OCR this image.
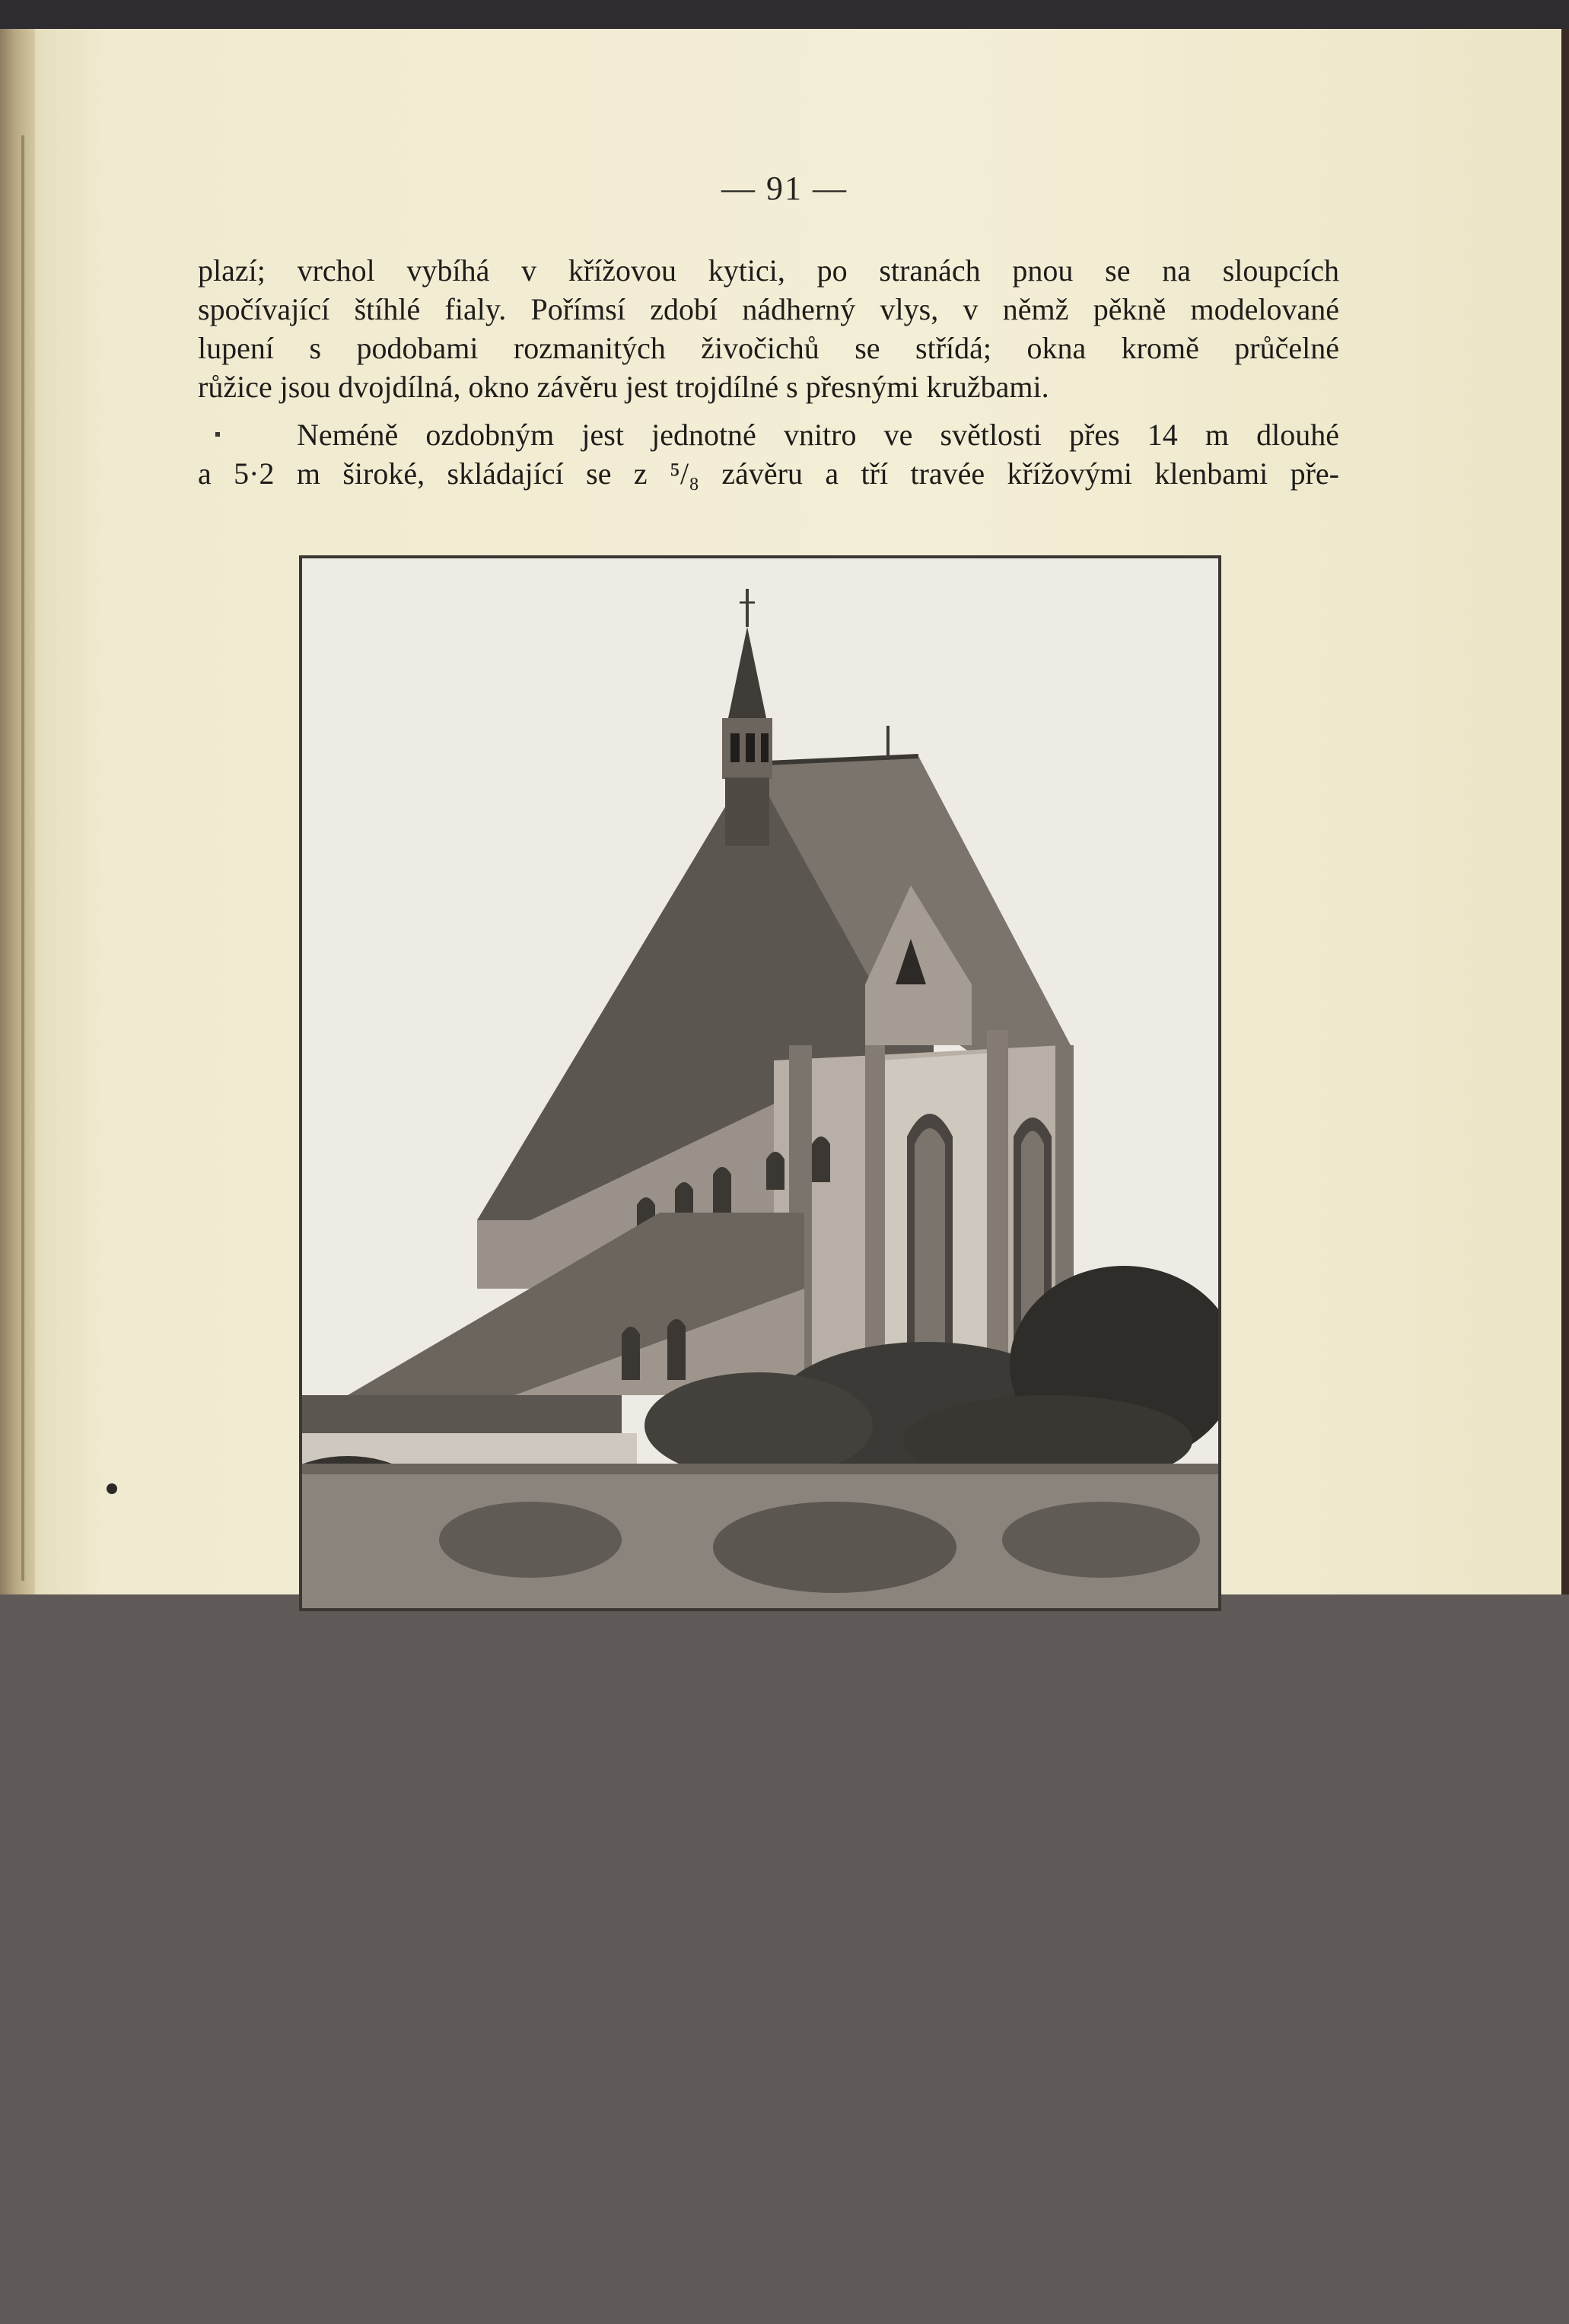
— 91 —
plazí; vrchol vybíhá v křížovou kytici, po stranách pnou se na sloupcích
spočívající štíhlé fialy. Pořímsí zdobí nádherný vlys, v němž pěkně modelované
lupení s podobami rozmanitých živočichů se střídá; okna kromě průčelné
růžice jsou dvojdílná, okno závěru jest trojdílné s přesnými kružbami.
Neméně ozdobným jest jednotné vnitro ve světlosti přes 14 m dlouhé
a 5·2 m široké, skládající se z ⁵/₈ závěru a tří travée křížovými klenbami pře-
